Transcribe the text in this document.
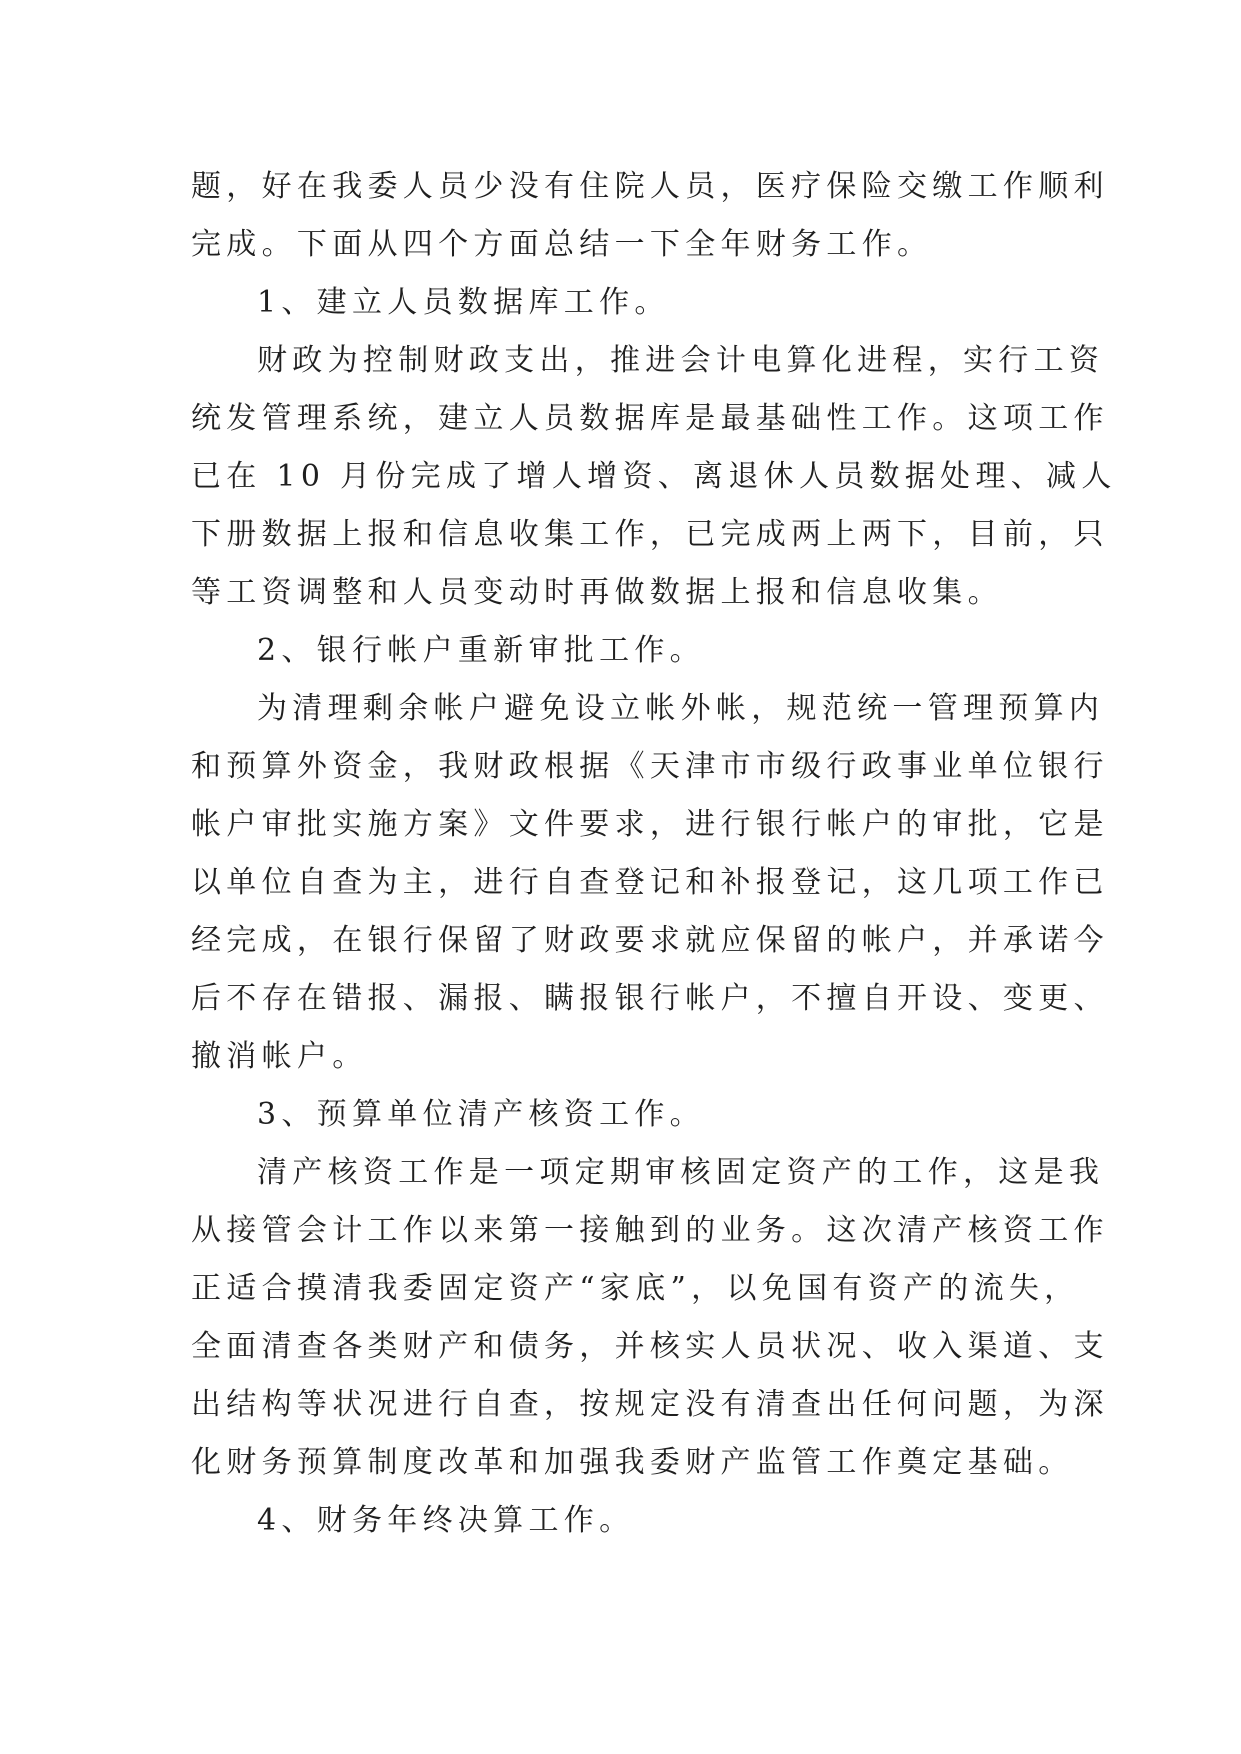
题，好在我委人员少没有住院人员，医疗保险交缴工作顺利
完成。下面从四个方面总结一下全年财务工作。
1、建立人员数据库工作。
财政为控制财政支出，推进会计电算化进程，实行工资
统发管理系统，建立人员数据库是最基础性工作。这项工作
已在 10 月份完成了增人增资、离退休人员数据处理、减人
下册数据上报和信息收集工作，已完成两上两下，目前，只
等工资调整和人员变动时再做数据上报和信息收集。
2、银行帐户重新审批工作。
为清理剩余帐户避免设立帐外帐，规范统一管理预算内
和预算外资金，我财政根据《天津市市级行政事业单位银行
帐户审批实施方案》文件要求，进行银行帐户的审批，它是
以单位自查为主，进行自查登记和补报登记，这几项工作已
经完成，在银行保留了财政要求就应保留的帐户，并承诺今
后不存在错报、漏报、瞒报银行帐户，不擅自开设、变更、
撤消帐户。
3、预算单位清产核资工作。
清产核资工作是一项定期审核固定资产的工作，这是我
从接管会计工作以来第一接触到的业务。这次清产核资工作
正适合摸清我委固定资产“家底”，以免国有资产的流失，
全面清查各类财产和债务，并核实人员状况、收入渠道、支
出结构等状况进行自查，按规定没有清查出任何问题，为深
化财务预算制度改革和加强我委财产监管工作奠定基础。
4、财务年终决算工作。
